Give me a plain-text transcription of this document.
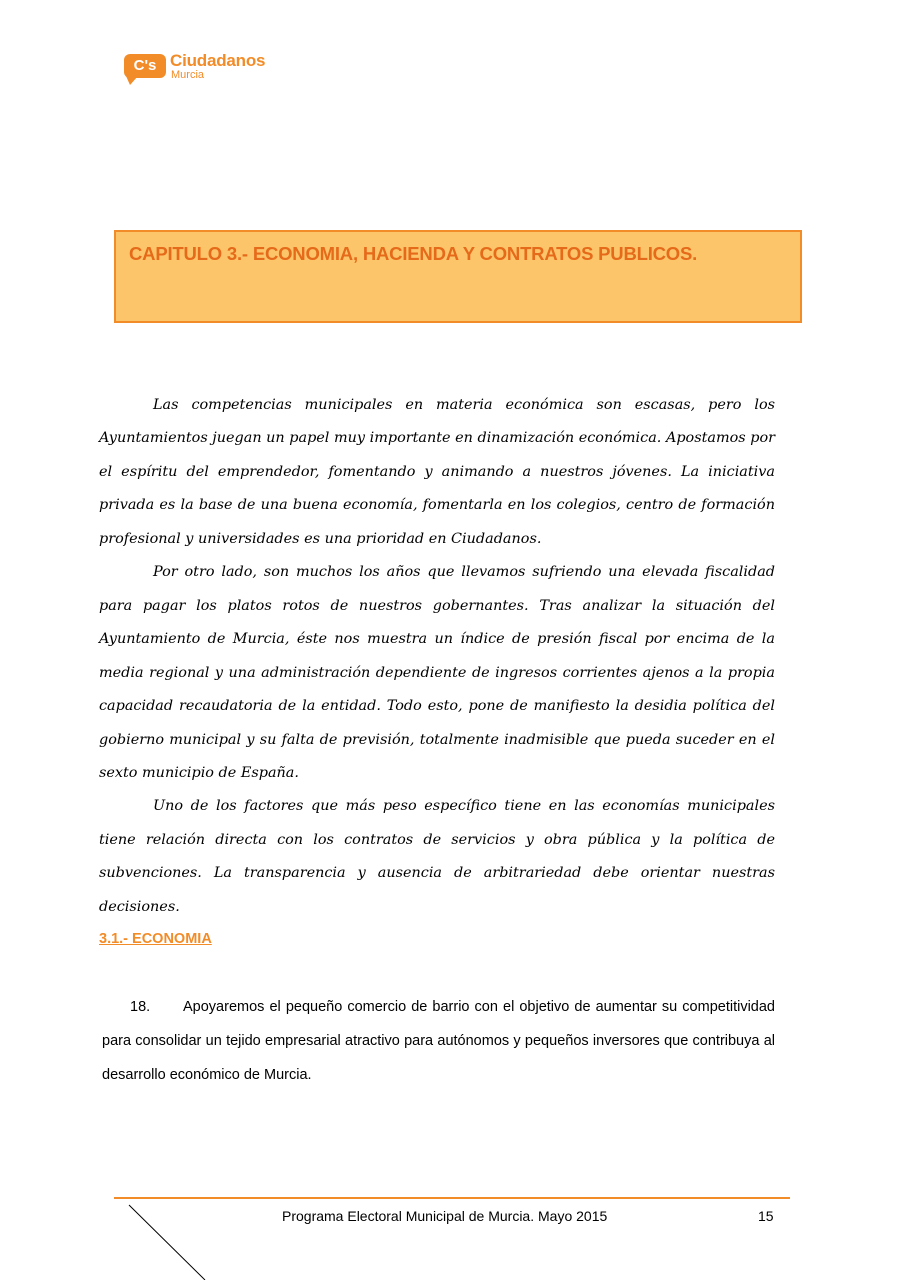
C's Ciudadanos
Murcia
CAPITULO 3.- ECONOMIA, HACIENDA Y CONTRATOS PUBLICOS.

Las competencias municipales en materia económica son escasas, pero los Ayuntamientos juegan un papel muy importante en dinamización económica. Apostamos por el espíritu del emprendedor, fomentando y animando a nuestros jóvenes. La iniciativa privada es la base de una buena economía, fomentarla en los colegios, centro de formación profesional y universidades es una prioridad en Ciudadanos.

Por otro lado, son muchos los años que llevamos sufriendo una elevada fiscalidad para pagar los platos rotos de nuestros gobernantes. Tras analizar la situación del Ayuntamiento de Murcia, éste nos muestra un índice de presión fiscal por encima de la media regional y una administración dependiente de ingresos corrientes ajenos a la propia capacidad recaudatoria de la entidad. Todo esto, pone de manifiesto la desidia política del gobierno municipal y su falta de previsión, totalmente inadmisible que pueda suceder en el sexto municipio de España.

Uno de los factores que más peso específico tiene en las economías municipales tiene relación directa con los contratos de servicios y obra pública y la política de subvenciones. La transparencia y ausencia de arbitrariedad debe orientar nuestras decisiones.

3.1.- ECONOMIA
18. Apoyaremos el pequeño comercio de barrio con el objetivo de aumentar su competitividad para consolidar un tejido empresarial atractivo para autónomos y pequeños inversores que contribuya al desarrollo económico de Murcia.
Programa Electoral Municipal de Murcia. Mayo 2015	15
